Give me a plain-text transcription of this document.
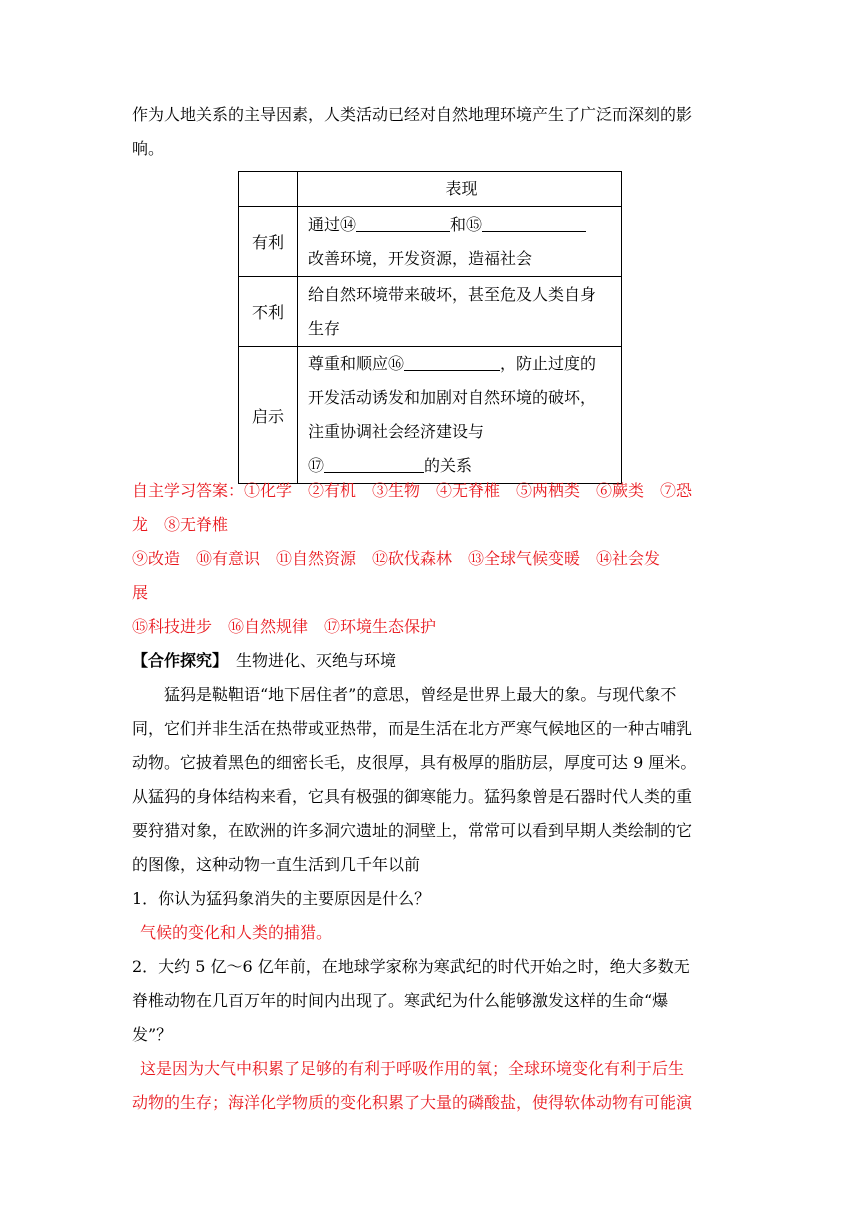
作为人地关系的主导因素，人类活动已经对自然地理环境产生了广泛而深刻的影
响。
	表现
有利	通过⑭ 和⑮
改善环境，开发资源，造福社会

不利	给自然环境带来破坏，甚至危及人类自身
生存

启示	尊重和顺应⑯ ，防止过度的
开发活动诱发和加剧对自然环境的破坏，
注重协调社会经济建设与
⑰ 的关系
自主学习答案：①化学　②有机　③生物　④无脊椎　⑤两栖类　⑥蕨类　⑦恐
龙　⑧无脊椎
⑨改造　⑩有意识　⑪自然资源　⑫砍伐森林　⑬全球气候变暖　⑭社会发
展
⑮科技进步　⑯自然规律　⑰环境生态保护
【合作探究】　 生物进化、灭绝与环境
猛犸是鞑靼语“地下居住者”的意思，曾经是世界上最大的象。与现代象不
同，它们并非生活在热带或亚热带，而是生活在北方严寒气候地区的一种古哺乳
动物。它披着黑色的细密长毛，皮很厚，具有极厚的脂肪层，厚度可达 9 厘米。
从猛犸的身体结构来看，它具有极强的御寒能力。猛犸象曾是石器时代人类的重
要狩猎对象，在欧洲的许多洞穴遗址的洞壁上，常常可以看到早期人类绘制的它
的图像，这种动物一直生活到几千年以前
1．你认为猛犸象消失的主要原因是什么？
气候的变化和人类的捕猎。
2．大约 5 亿～6 亿年前，在地球学家称为寒武纪的时代开始之时，绝大多数无
脊椎动物在几百万年的时间内出现了。寒武纪为什么能够激发这样的生命“爆
发”？
这是因为大气中积累了足够的有利于呼吸作用的氧；全球环境变化有利于后生
动物的生存；海洋化学物质的变化积累了大量的磷酸盐，使得软体动物有可能演
